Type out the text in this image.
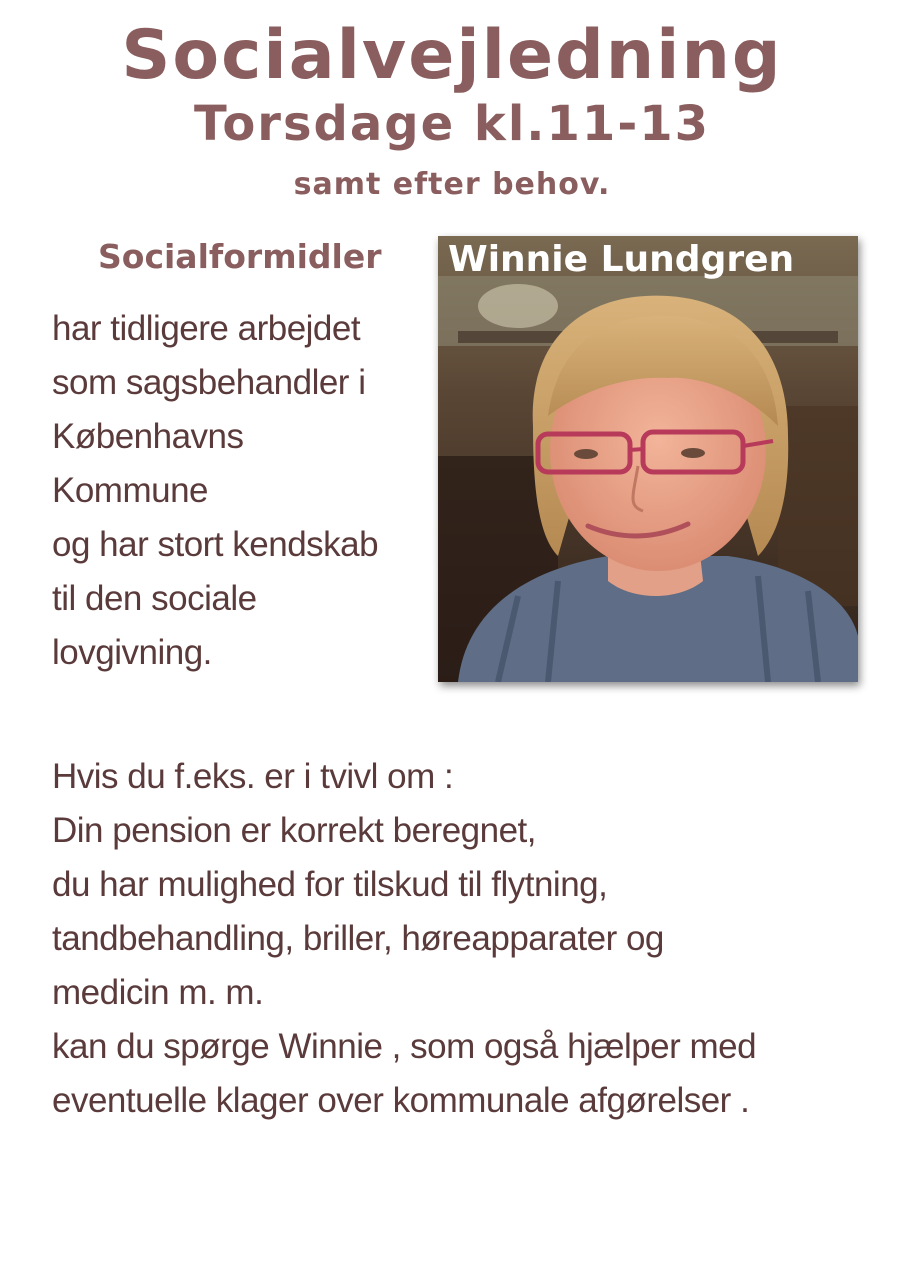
Socialvejledning
Torsdage kl.11-13
samt efter behov.
Socialformidler Winnie Lundgren
har tidligere arbejdet
som sagsbehandler i
Københavns
Kommune
og har stort kendskab
til den sociale
lovgivning.
Hvis du f.eks. er i tvivl om :
Din pension er korrekt beregnet,
du har mulighed for tilskud til flytning,
tandbehandling, briller, høreapparater og
medicin m. m.
kan du spørge Winnie , som også hjælper med
eventuelle klager over kommunale afgørelser .
